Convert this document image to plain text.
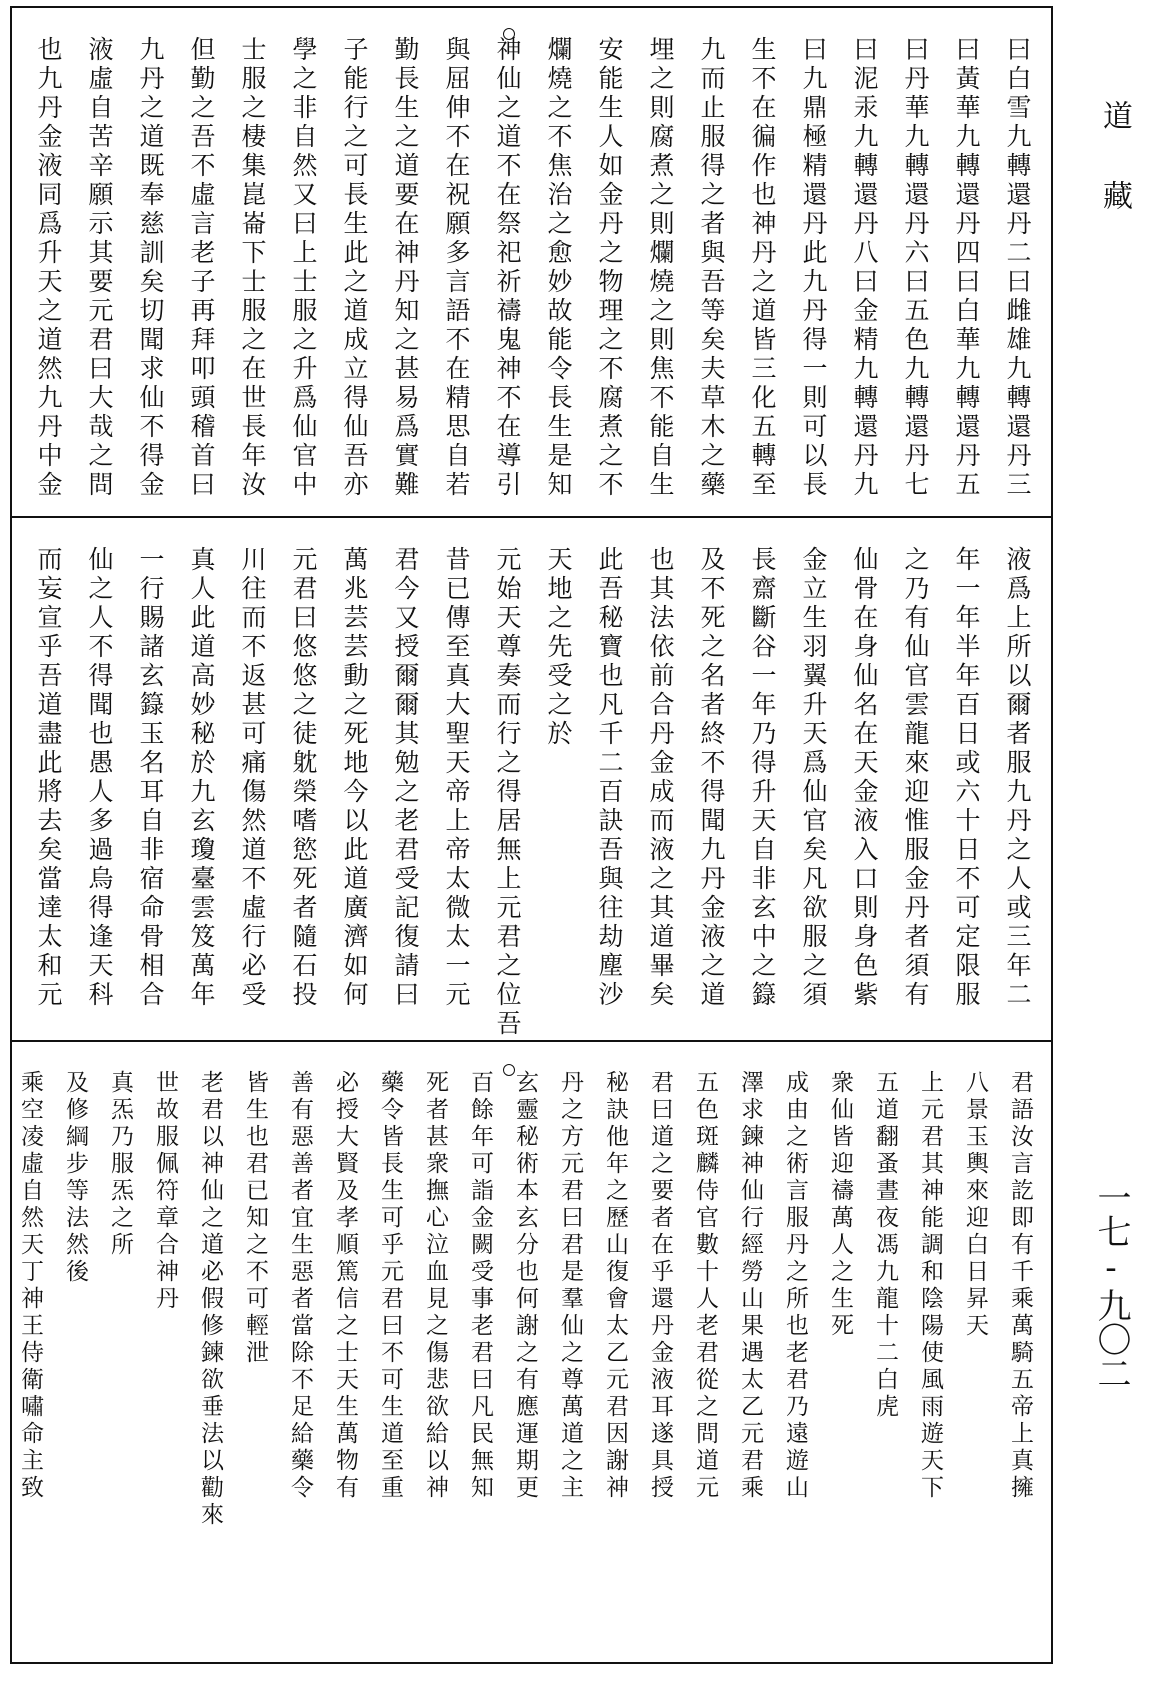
道藏
一七-九〇二
曰白雪九轉還丹二曰雌雄九轉還丹三
曰黃華九轉還丹四曰白華九轉還丹五
曰丹華九轉還丹六曰五色九轉還丹七
曰泥汞九轉還丹八曰金精九轉還丹九
曰九鼎極精還丹此九丹得一則可以長
生不在徧作也神丹之道皆三化五轉至
九而止服得之者與吾等矣夫草木之藥
埋之則腐煮之則爛燒之則焦不能自生
安能生人如金丹之物理之不腐煮之不
爛燒之不焦治之愈妙故能令長生是知
神仙之道不在祭祀祈禱鬼神不在導引
與屈伸不在祝願多言語不在精思自若
勤長生之道要在神丹知之甚易爲實難
子能行之可長生此之道成立得仙吾亦
學之非自然又曰上士服之升爲仙官中
士服之棲集崑崙下士服之在世長年汝
但勤之吾不虛言老子再拜叩頭稽首曰
九丹之道既奉慈訓矣切聞求仙不得金
液虛自苦辛願示其要元君曰大哉之問
也九丹金液同爲升天之道然九丹中金
液爲上所以爾者服九丹之人或三年二
年一年半年百日或六十日不可定限服
之乃有仙官雲龍來迎惟服金丹者須有
仙骨在身仙名在天金液入口則身色紫
金立生羽翼升天爲仙官矣凡欲服之須
長齋斷谷一年乃得升天自非玄中之籙
及不死之名者終不得聞九丹金液之道
也其法依前合丹金成而液之其道畢矣
此吾秘寶也凡千二百訣吾與往劫塵沙
天地之先受之於
元始天尊奏而行之得居無上元君之位吾
昔已傳至真大聖天帝上帝太微太一元
君今又授爾爾其勉之老君受記復請曰
萬兆芸芸動之死地今以此道廣濟如何
元君曰悠悠之徒躭榮嗜慾死者隨石投
川往而不返甚可痛傷然道不虛行必受
真人此道高妙秘於九玄瓊臺雲笈萬年
一行賜諸玄籙玉名耳自非宿命骨相合
仙之人不得聞也愚人多過烏得逢天科
而妄宣乎吾道盡此將去矣當達太和元
君語汝言訖即有千乘萬騎五帝上真擁
八景玉輿來迎白日昇天
上元君其神能調和陰陽使風雨遊天下
五道翻蚤晝夜馮九龍十二白虎
衆仙皆迎禱萬人之生死
成由之術言服丹之所也老君乃遠遊山
澤求鍊神仙行經勞山果遇太乙元君乘
五色斑麟侍官數十人老君從之問道元
君曰道之要者在乎還丹金液耳遂具授
秘訣他年之歷山復會太乙元君因謝神
丹之方元君曰君是羣仙之尊萬道之主
玄靈秘術本玄分也何謝之有應運期更
百餘年可詣金闕受事老君曰凡民無知
死者甚衆撫心泣血見之傷悲欲給以神
藥令皆長生可乎元君曰不可生道至重
必授大賢及孝順篤信之士天生萬物有
善有惡善者宜生惡者當除不足給藥令
皆生也君已知之不可輕泄
老君以神仙之道必假修鍊欲垂法以勸來
世故服佩符章合神丹
真炁乃服炁之所
及修綱步等法然後
乘空凌虛自然天丁神王侍衛嘯命主致
